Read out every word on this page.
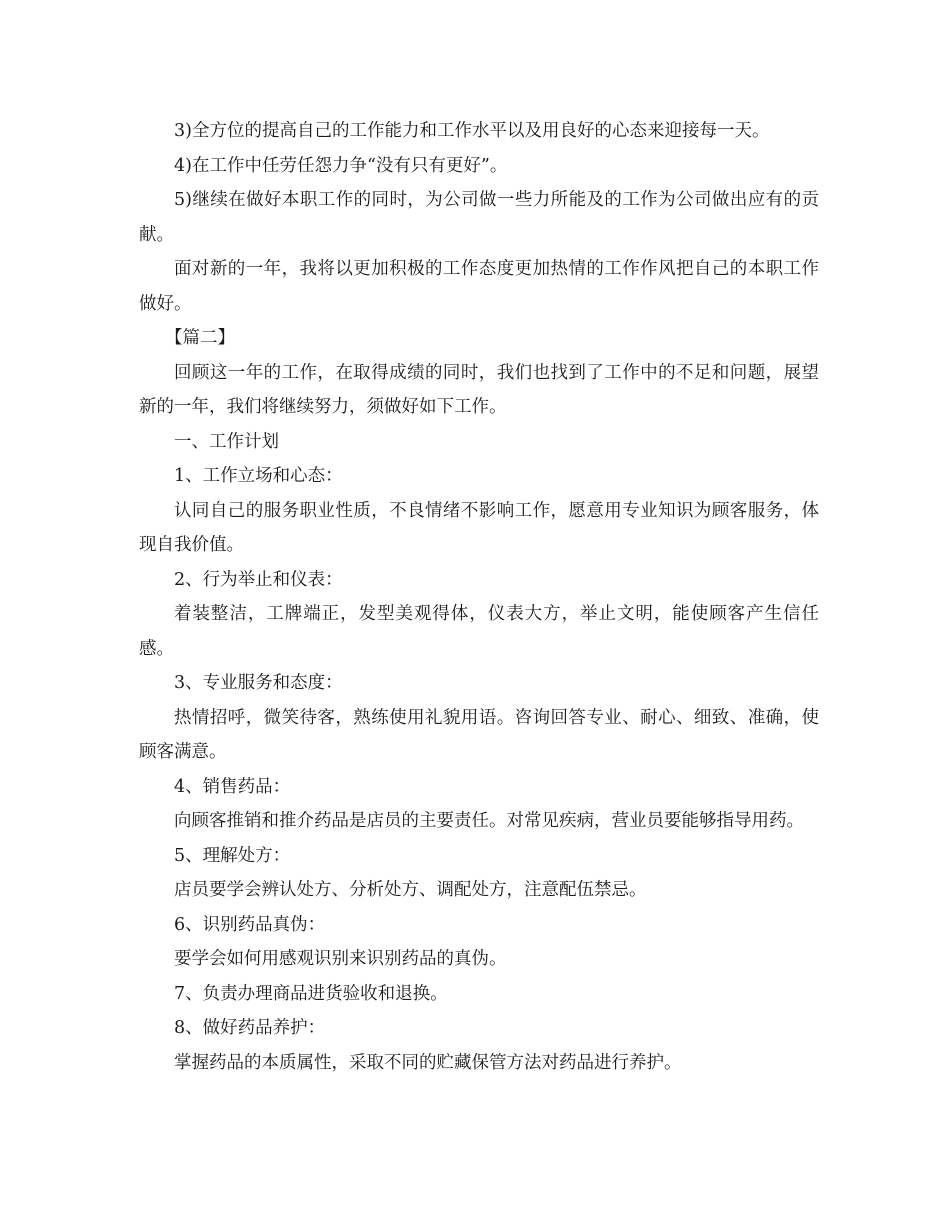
3)全方位的提高自己的工作能力和工作水平以及用良好的心态来迎接每一天。

4)在工作中任劳任怨力争“没有只有更好”。

5)继续在做好本职工作的同时，为公司做一些力所能及的工作为公司做出应有的贡献。

面对新的一年，我将以更加积极的工作态度更加热情的工作作风把自己的本职工作做好。

【篇二】

回顾这一年的工作，在取得成绩的同时，我们也找到了工作中的不足和问题，展望新的一年，我们将继续努力，须做好如下工作。

一、工作计划

1、工作立场和心态：

认同自己的服务职业性质，不良情绪不影响工作，愿意用专业知识为顾客服务，体现自我价值。

2、行为举止和仪表：

着装整洁，工牌端正，发型美观得体，仪表大方，举止文明，能使顾客产生信任感。

3、专业服务和态度：

热情招呼，微笑待客，熟练使用礼貌用语。咨询回答专业、耐心、细致、准确，使顾客满意。

4、销售药品：

向顾客推销和推介药品是店员的主要责任。对常见疾病，营业员要能够指导用药。

5、理解处方：

店员要学会辨认处方、分析处方、调配处方，注意配伍禁忌。

6、识别药品真伪：

要学会如何用感观识别来识别药品的真伪。

7、负责办理商品进货验收和退换。

8、做好药品养护：

掌握药品的本质属性，采取不同的贮藏保管方法对药品进行养护。
